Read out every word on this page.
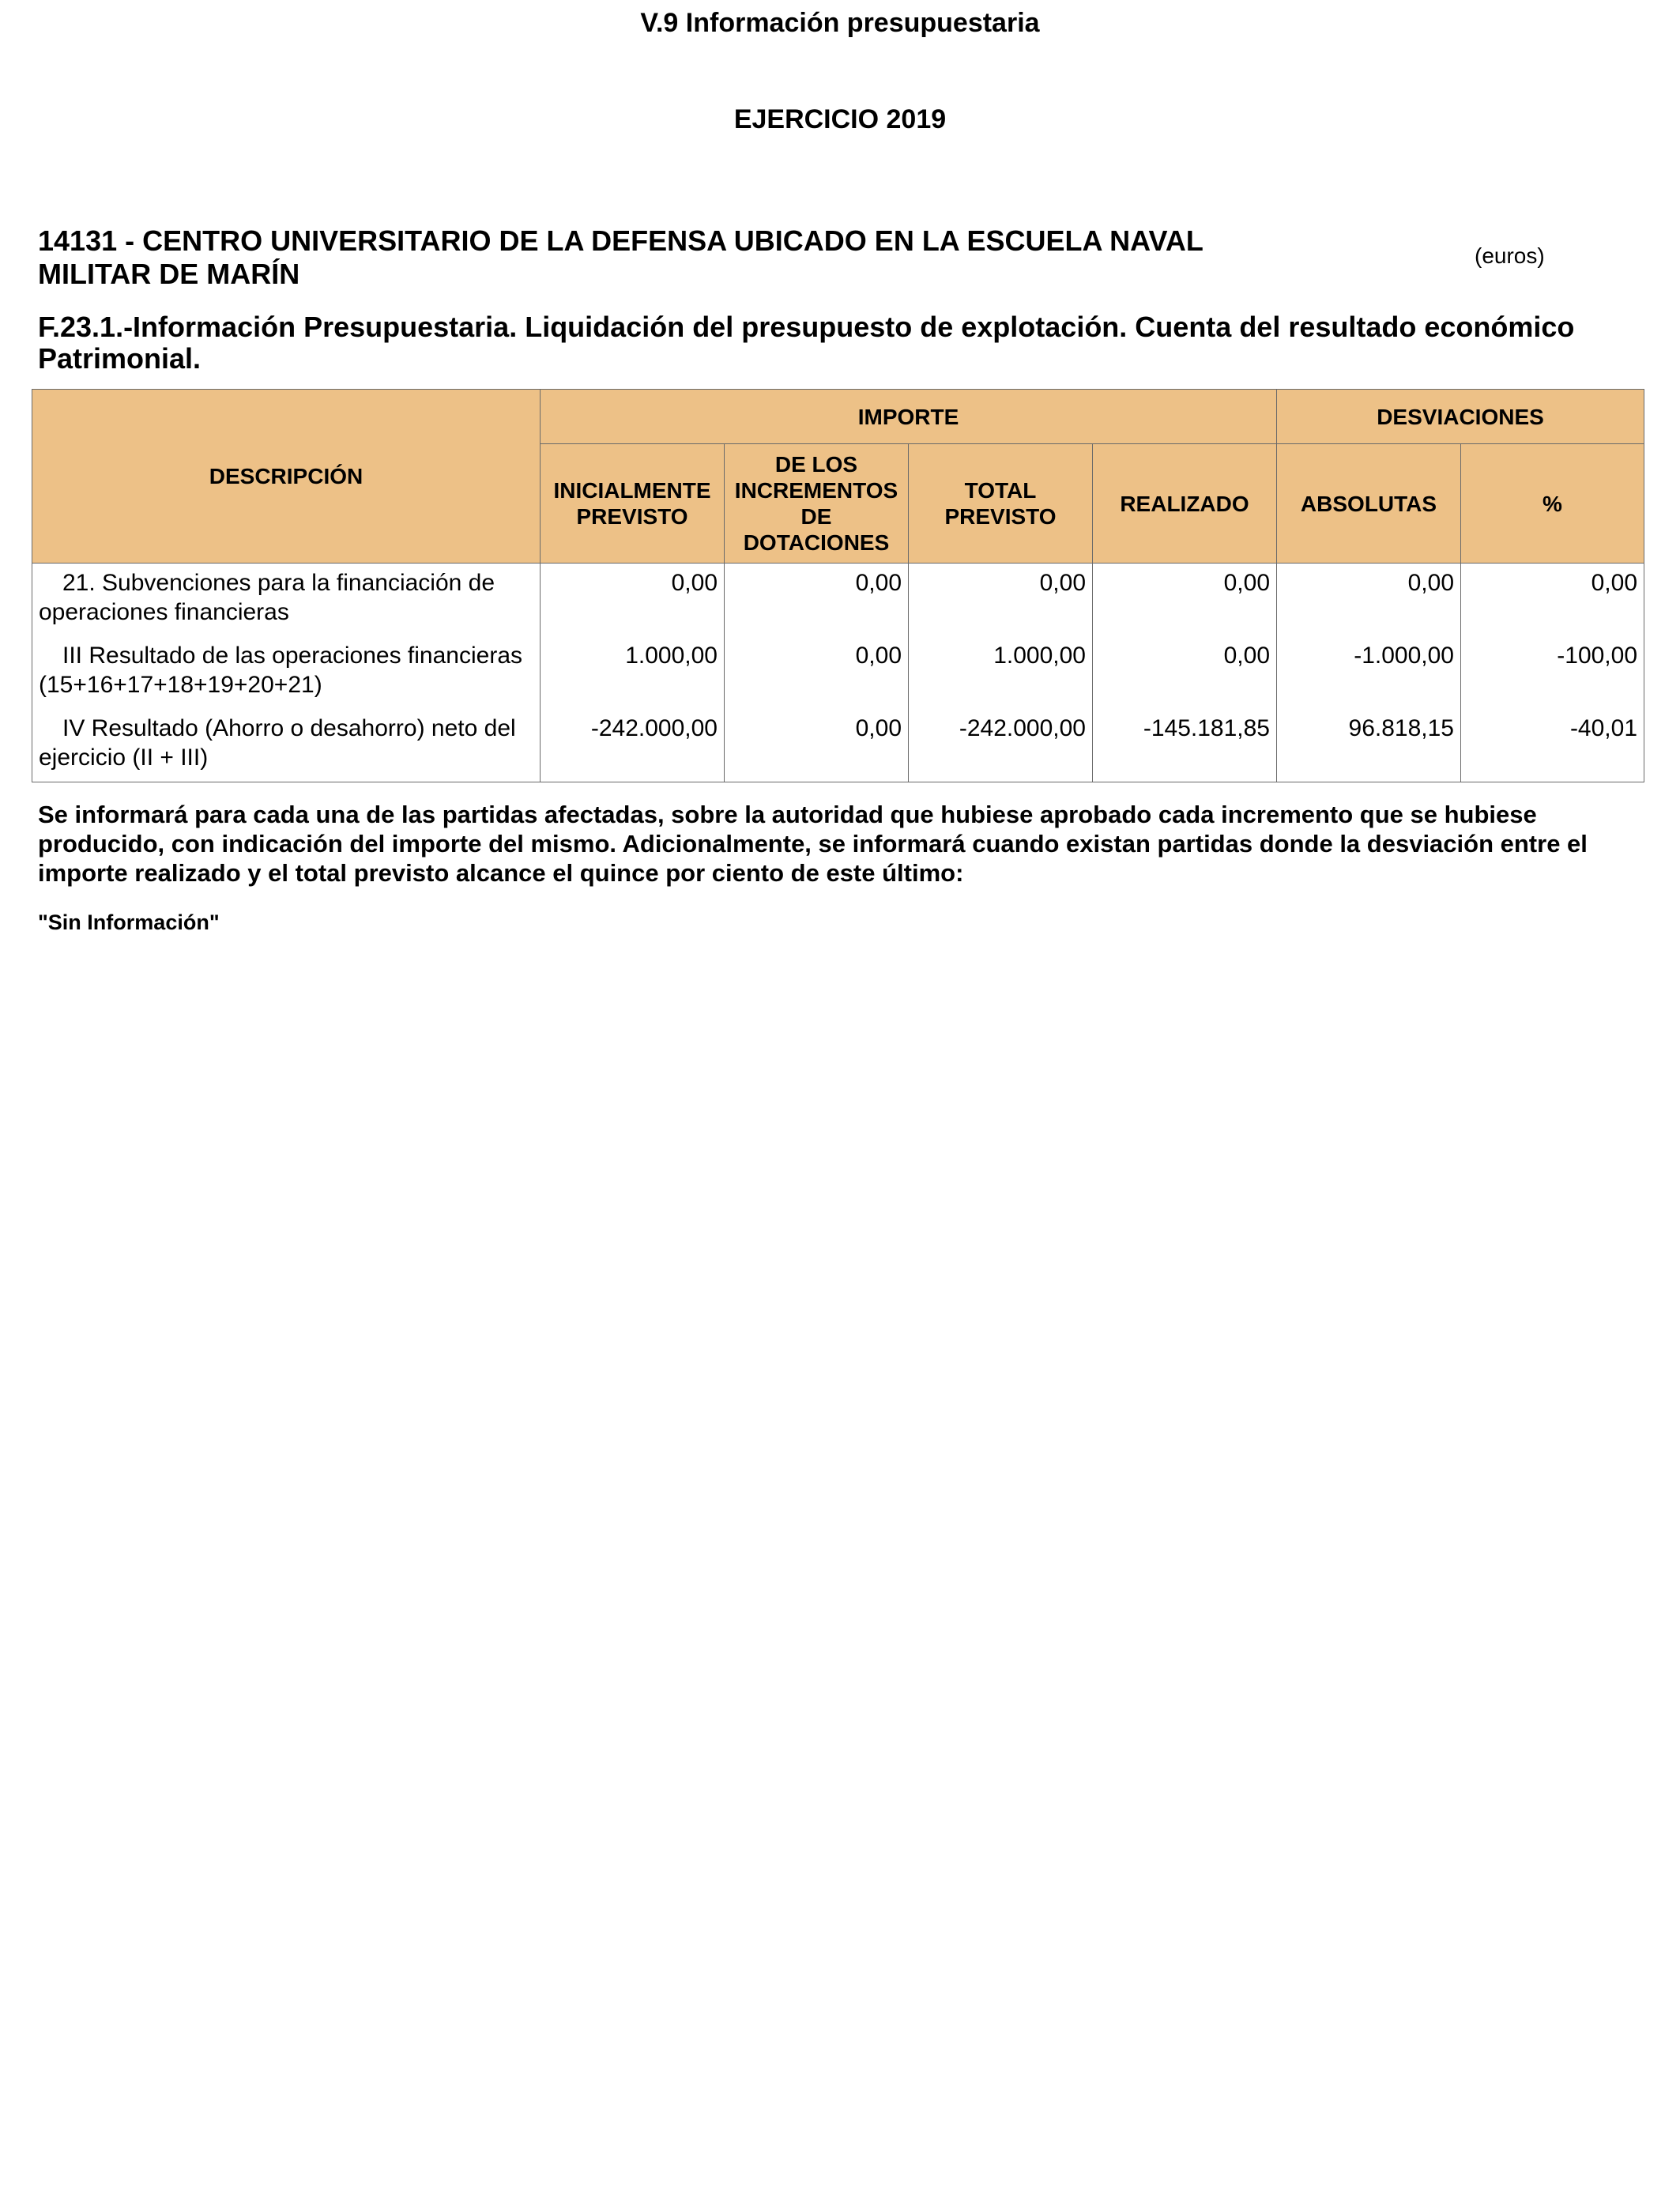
V.9 Información presupuestaria
EJERCICIO 2019
14131 - CENTRO UNIVERSITARIO DE LA DEFENSA UBICADO EN LA ESCUELA NAVAL MILITAR DE MARÍN
(euros)
F.23.1.-Información Presupuestaria. Liquidación del presupuesto de explotación. Cuenta del resultado económico Patrimonial.
DESCRIPCIÓN	IMPORTE				DESVIACIONES	
	INICIALMENTE PREVISTO	DE LOS INCREMENTOS DE DOTACIONES	TOTAL PREVISTO	REALIZADO	ABSOLUTAS	%
21. Subvenciones para la financiación de operaciones financieras	0,00	0,00	0,00	0,00	0,00	0,00
III Resultado de las operaciones financieras (15+16+17+18+19+20+21)	1.000,00	0,00	1.000,00	0,00	-1.000,00	-100,00
IV Resultado (Ahorro o desahorro) neto del ejercicio (II + III)	-242.000,00	0,00	-242.000,00	-145.181,85	96.818,15	-40,01
Se informará para cada una de las partidas afectadas, sobre la autoridad que hubiese aprobado cada incremento que se hubiese producido, con indicación del importe del mismo. Adicionalmente, se informará cuando existan partidas donde la desviación entre el importe realizado y el total previsto alcance el quince por ciento de este último:
"Sin Información"
